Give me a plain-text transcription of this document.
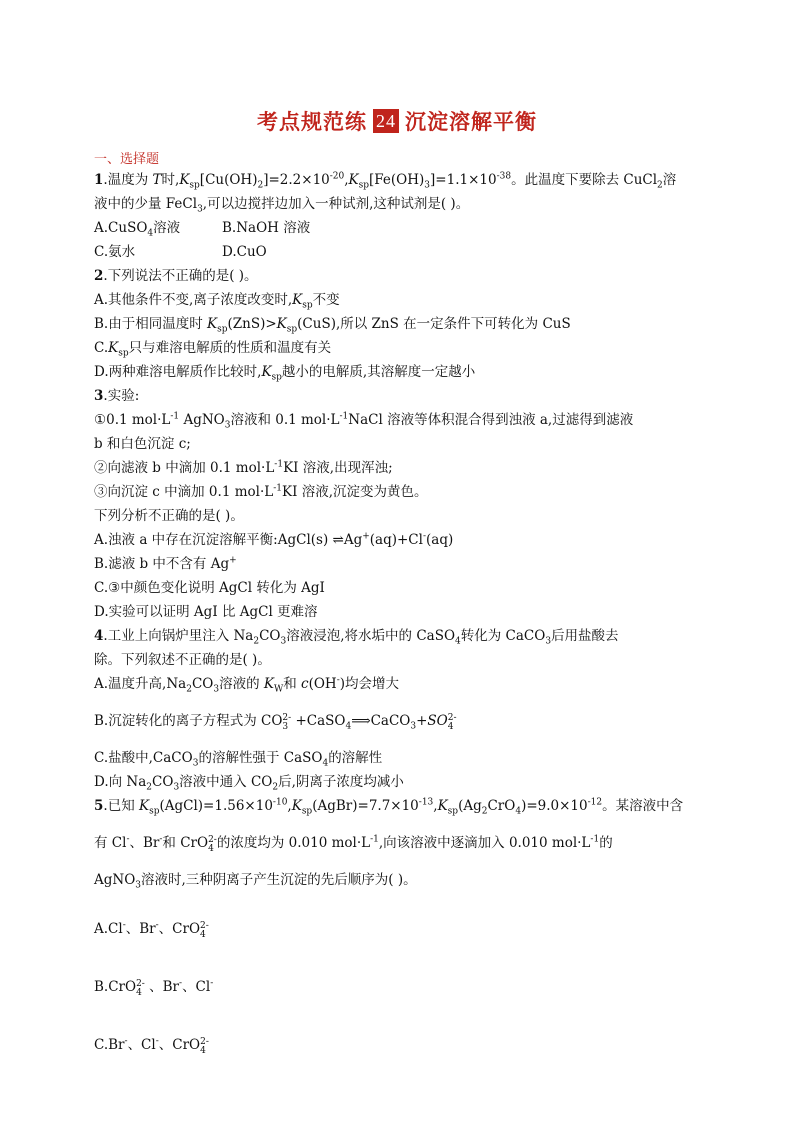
考点规范练 24 沉淀溶解平衡
一、选择题
1.温度为 T时$,K_{sp}[Cu(OH)_2]=2.2\times 10^{-20},K_{sp}[Fe(OH)_3]=1.1\times 10^{-38}$。此温度下要除去 CuCl$_2$溶
液中的少量 FeCl$_3$,可以边搅拌边加入一种试剂,这种试剂是( )。
A.CuSO$_4$溶液	B.NaOH 溶液
C.氨水	D.CuO
2.下列说法不正确的是( )。
A.其他条件不变,离子浓度改变时$,K_{sp}$不变
B.由于相同温度时 $K_{sp}(ZnS)>K_{sp}(CuS)$,所以 ZnS 在一定条件下可转化为 CuS
$C.K_{sp}$只与难溶电解质的性质和温度有关
D.两种难溶电解质作比较时$,K_{sp}$越小的电解质,其溶解度一定越小
3.实验:
①0.1 $mol\cdot L^{-1}$ AgNO$_3$溶液和 0.1 $mol\cdot L^{-1}NaCl$ 溶液等体积混合得到浊液 a,过滤得到滤液
b 和白色沉淀 c;
②向滤液 b 中滴加 0.1 $mol\cdot L^{-1}KI$ 溶液,出现浑浊;
③向沉淀 c 中滴加 0.1 $mol\cdot L^{-1}KI$ 溶液,沉淀变为黄色。
下列分析不正确的是( )。
A.浊液 a 中存在沉淀溶解平衡:AgCl(s) ⇌Ag+(aq)+Cl-(aq)
B.滤液 b 中不含有 Ag+
C.③中颜色变化说明 AgCl 转化为 AgI
D.实验可以证明 AgI 比 AgCl 更难溶
4.工业上向锅炉里注入 $Na_2CO_3$溶液浸泡,将水垢中的 CaSO$_4$转化为 CaCO$_3$后用盐酸去
除。下列叙述不正确的是( )。
A.温度升高$,Na_2CO_3$溶液的 $K_W$和 c(OH-)均会增大
B.沉淀转化的离子方程式为 CO 2-
3 +CaSO$_4$⟹CaCO$_3$+SO 2-
4
C.盐酸中,CaCO$_3$的溶解性强于 CaSO$_4$的溶解性
D.向 $Na_2CO_3$溶液中通入 $CO_2$后,阴离子浓度均减小
5.已知 $K_{sp}(AgCl)=1.56\times 10^{-10},K_{sp}(AgBr)=7.7\times 10^{-13},K_{sp}(Ag_2CrO_4)=9.0\times 10^{-12}$。某溶液中含
有 Cl-、Br-和 CrO 2-
4 的浓度均为 0.010 $mol\cdot L^{-1}$,向该溶液中逐滴加入 0.010 $mol\cdot L^{-1}$的
AgNO$_3$溶液时,三种阴离子产生沉淀的先后顺序为( )。
A.Cl-、Br-、CrO 2-
4
B.CrO 2-
4 、Br-、Cl-
C.Br-、Cl-、CrO 2-
4
